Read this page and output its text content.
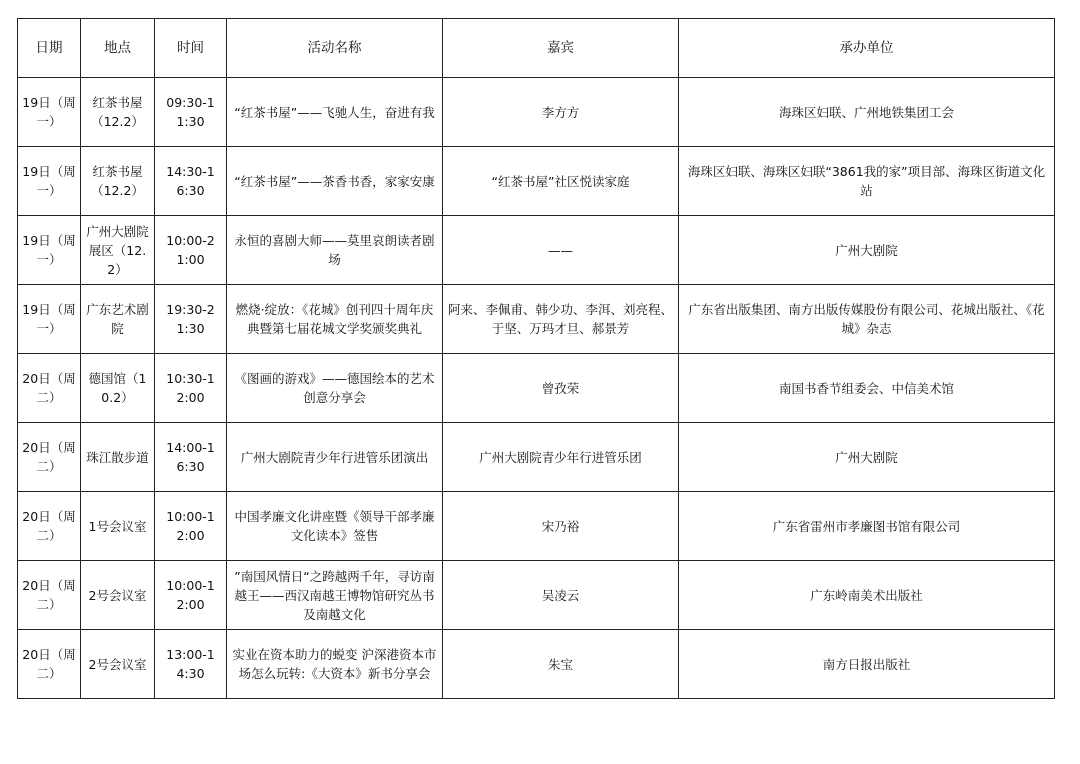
日期	地点	时间	活动名称	嘉宾	承办单位
19日（周一）	红茶书屋（12.2）	09:30-11:30	“红茶书屋”——飞驰人生，奋进有我	李方方	海珠区妇联、广州地铁集团工会
19日（周一）	红茶书屋（12.2）	14:30-16:30	“红茶书屋”——茶香书香，家家安康	“红茶书屋”社区悦读家庭	海珠区妇联、海珠区妇联“3861我的家”项目部、海珠区街道文化站
19日（周一）	广州大剧院展区（12.2）	10:00-21:00	永恒的喜剧大师——莫里哀朗读者剧场	——	广州大剧院
19日（周一）	广东艺术剧院	19:30-21:30	燃烧·绽放：《花城》创刊四十周年庆典暨第七届花城文学奖颁奖典礼	阿来、李佩甫、韩少功、李洱、刘亮程、于坚、万玛才旦、郝景芳	广东省出版集团、南方出版传媒股份有限公司、花城出版社、《花城》杂志
20日（周二）	德国馆（10.2）	10:30-12:00	《图画的游戏》——德国绘本的艺术创意分享会	曾孜荣	南国书香节组委会、中信美术馆
20日（周二）	珠江散步道	14:00-16:30	广州大剧院青少年行进管乐团演出	广州大剧院青少年行进管乐团	广州大剧院
20日（周二）	1号会议室	10:00-12:00	中国孝廉文化讲座暨《领导干部孝廉文化读本》签售	宋乃裕	广东省雷州市孝廉图书馆有限公司
20日（周二）	2号会议室	10:00-12:00	”南国风情日“之跨越两千年，寻访南越王——西汉南越王博物馆研究丛书及南越文化	吴凌云	广东岭南美术出版社
20日（周二）	2号会议室	13:00-14:30	实业在资本助力的蜕变 沪深港资本市场怎么玩转:《大资本》新书分享会	朱宝	南方日报出版社
